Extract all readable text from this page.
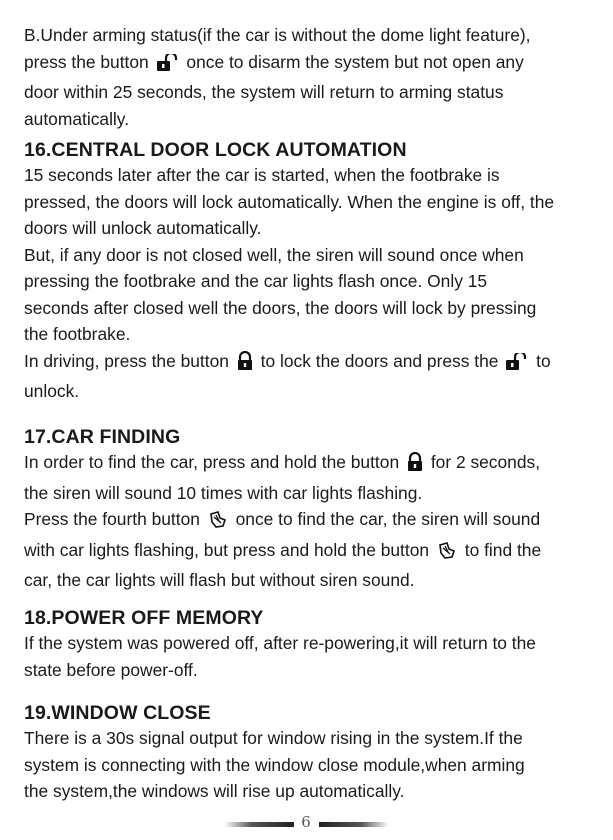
B.Under arming status(if the car is without the dome light feature),

press the button once to disarm the system but not open any

door within 25 seconds, the system will return to arming status

automatically.

16.CENTRAL DOOR LOCK AUTOMATION

15 seconds later after the car is started, when the footbrake is

pressed, the doors will lock automatically. When the engine is off, the

doors will unlock automatically.

But, if any door is not closed well, the siren will sound once when

pressing the footbrake and the car lights flash once. Only 15

seconds after closed well the doors, the doors will lock by pressing

the footbrake.

In driving, press the button to lock the doors and press the to

unlock.

17.CAR FINDING

In order to find the car, press and hold the button for 2 seconds,

the siren will sound 10 times with car lights flashing.

Press the fourth button once to find the car, the siren will sound

with car lights flashing, but press and hold the button to find the

car, the car lights will flash but without siren sound.

18.POWER OFF MEMORY

If the system was powered off, after re-powering,it will return to the

state before power-off.

19.WINDOW CLOSE

There is a 30s signal output for window rising in the system.If the

system is connecting with the window close module,when arming

the system,the windows will rise up automatically.

6
